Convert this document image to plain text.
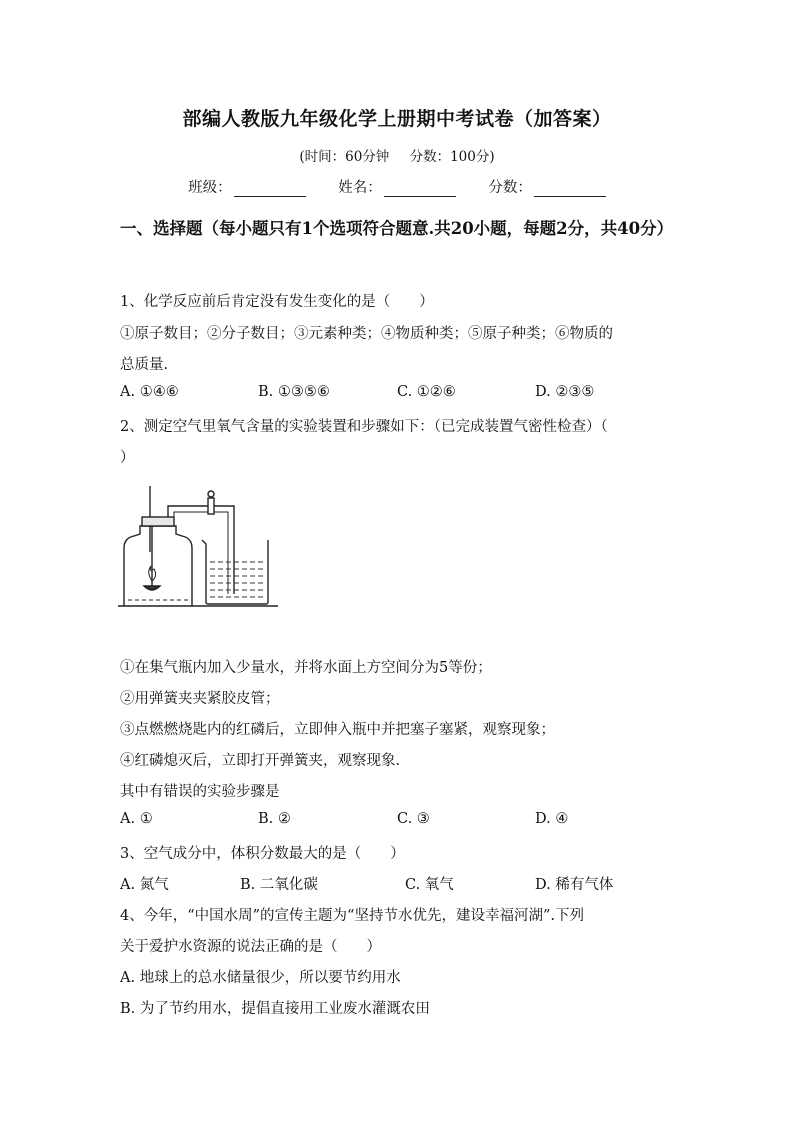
部编人教版九年级化学上册期中考试卷（加答案）
(时间：60分钟 分数：100分)
班级：	姓名：	分数：
一、选择题（每小题只有1个选项符合题意.共20小题，每题2分，共40分）
1、化学反应前后肯定没有发生变化的是（　　）
①原子数目；②分子数目；③元素种类；④物质种类；⑤原子种类；⑥物质的
总质量.
A. ①④⑥	B. ①③⑤⑥	C. ①②⑥	D. ②③⑤
2、测定空气里氧气含量的实验装置和步骤如下：（已完成装置气密性检查）（
）
①在集气瓶内加入少量水，并将水面上方空间分为5等份；
②用弹簧夹夹紧胶皮管；
③点燃燃烧匙内的红磷后，立即伸入瓶中并把塞子塞紧，观察现象；
④红磷熄灭后，立即打开弹簧夹，观察现象.
其中有错误的实验步骤是
A. ①	B. ②	C. ③	D. ④
3、空气成分中，体积分数最大的是（　　）
A. 氮气	B. 二氧化碳	C. 氧气	D. 稀有气体
4、今年，“中国水周”的宣传主题为“坚持节水优先，建设幸福河湖”.下列
关于爱护水资源的说法正确的是（　　）
A. 地球上的总水储量很少，所以要节约用水
B. 为了节约用水，提倡直接用工业废水灌溉农田
